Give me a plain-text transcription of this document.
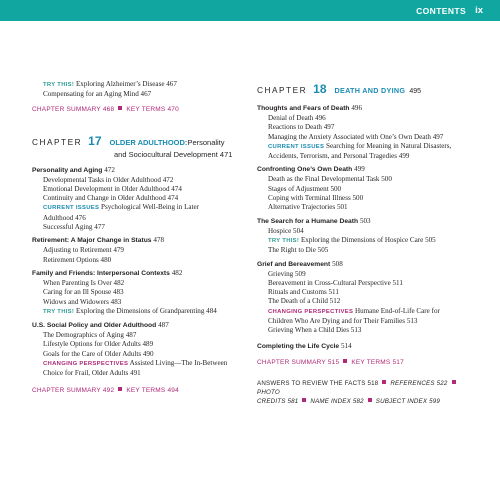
CONTENTS ix
TRY THIS! Exploring Alzheimer’s Disease 467
Compensating for an Aging Mind 467
CHAPTER SUMMARY 468 KEY TERMS 470
CHAPTER 17 OLDER ADULTHOOD:Personality
and Sociocultural Development 471
Personality and Aging 472
Developmental Tasks in Older Adulthood 472
Emotional Development in Older Adulthood 474
Continuity and Change in Older Adulthood 474
CURRENT ISSUES Psychological Well-Being in Later
Adulthood 476
Successful Aging 477
Retirement: A Major Change in Status 478
Adjusting to Retirement 479
Retirement Options 480
Family and Friends: Interpersonal Contexts 482
When Parenting Is Over 482
Caring for an Ill Spouse 483
Widows and Widowers 483
TRY THIS! Exploring the Dimensions of Grandparenting 484
U.S. Social Policy and Older Adulthood 487
The Demographics of Aging 487
Lifestyle Options for Older Adults 489
Goals for the Care of Older Adults 490
CHANGING PERSPECTIVES Assisted Living—The In-Between
Choice for Frail, Older Adults 491
CHAPTER SUMMARY 492 KEY TERMS 494
CHAPTER 18 DEATH AND DYING 495
Thoughts and Fears of Death 496
Denial of Death 496
Reactions to Death 497
Managing the Anxiety Associated with One’s Own Death 497
CURRENT ISSUES Searching for Meaning in Natural Disasters,
Accidents, Terrorism, and Personal Tragedies 499
Confronting One’s Own Death 499
Death as the Final Developmental Task 500
Stages of Adjustment 500
Coping with Terminal Illness 500
Alternative Trajectories 501
The Search for a Humane Death 503
Hospice 504
TRY THIS! Exploring the Dimensions of Hospice Care 505
The Right to Die 505
Grief and Bereavement 508
Grieving 509
Bereavement in Cross-Cultural Perspective 511
Rituals and Customs 511
The Death of a Child 512
CHANGING PERSPECTIVES Humane End-of-Life Care for
Children Who Are Dying and for Their Families 513
Grieving When a Child Dies 513
Completing the Life Cycle 514
CHAPTER SUMMARY 515 KEY TERMS 517
ANSWERS TO REVIEW THE FACTS 518 REFERENCES 522PHOTO
CREDITS 581 NAME INDEX 582 SUBJECT INDEX 599
